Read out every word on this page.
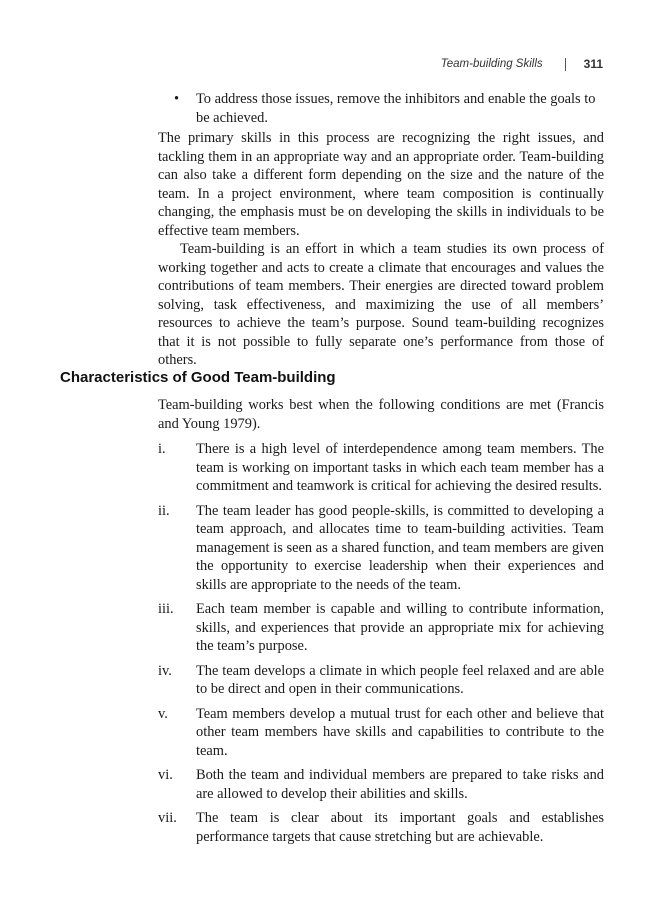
Team-building Skills	311
• To address those issues, remove the inhibitors and enable the goals to be achieved.

The primary skills in this process are recognizing the right issues, and tackling them in an appropriate way and an appropriate order. Team-building can also take a different form depending on the size and the nature of the team. In a project environment, where team composition is continually changing, the emphasis must be on developing the skills in individuals to be effective team members.

Team-building is an effort in which a team studies its own process of working together and acts to create a climate that encourages and values the contributions of team members. Their energies are directed toward problem solving, task effectiveness, and maximizing the use of all members’ resources to achieve the team’s purpose. Sound team-building recognizes that it is not possible to fully separate one’s performance from those of others.

Characteristics of Good Team-building

Team-building works best when the following conditions are met (Francis and Young 1979).

i.	There is a high level of interdependence among team members. The team is working on important tasks in which each team member has a commitment and teamwork is critical for achieving the desired results.
ii.	The team leader has good people-skills, is committed to developing a team approach, and allocates time to team-building activities. Team management is seen as a shared function, and team members are given the opportunity to exercise leadership when their experiences and skills are appropriate to the needs of the team.
iii.	Each team member is capable and willing to contribute information, skills, and experiences that provide an appropriate mix for achieving the team’s purpose.
iv.	The team develops a climate in which people feel relaxed and are able to be direct and open in their communications.
v.	Team members develop a mutual trust for each other and believe that other team members have skills and capabilities to contribute to the team.
vi.	Both the team and individual members are prepared to take risks and are allowed to develop their abilities and skills.
vii.	The team is clear about its important goals and establishes performance targets that cause stretching but are achievable.
